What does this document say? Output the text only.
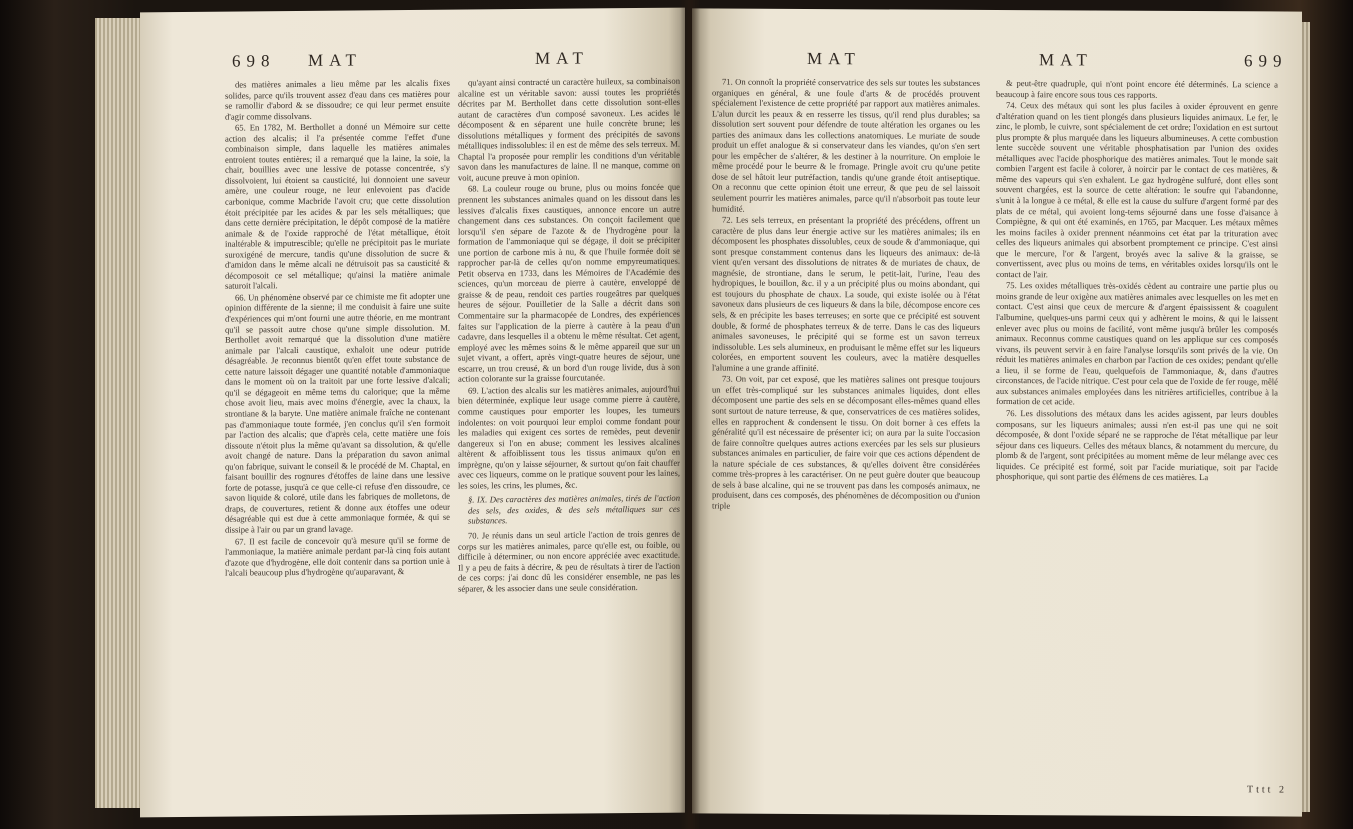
698 MAT	MAT

des matières animales a lieu même par les alcalis fixes solides, parce qu'ils trouvent assez d'eau dans ces matières pour se ramollir d'abord & se dissoudre; ce qui leur permet ensuite d'agir comme dissolvans.

65. En 1782, M. Berthollet a donné un Mémoire sur cette action des alcalis; il l'a présentée comme l'effet d'une combinaison simple, dans laquelle les matières animales entroient toutes entières; il a remarqué que la laine, la soie, la chair, bouillies avec une lessive de potasse concentrée, s'y dissolvoient, lui étoient sa causticité, lui donnoient une saveur amère, une couleur rouge, ne leur enlevoient pas d'acide carbonique, comme Macbride l'avoit cru; que cette dissolution étoit précipitée par les acides & par les sels métalliques; que dans cette dernière précipitation, le dépôt composé de la matière animale & de l'oxide rapproché de l'état métallique, étoit inaltérable & imputrescible; qu'elle ne précipitoit pas le muriate suroxigéné de mercure, tandis qu'une dissolution de sucre & d'amidon dans le même alcali ne détruisoit pas sa causticité & décomposoit ce sel métallique; qu'ainsi la matière animale saturoit l'alcali.

66. Un phénomène observé par ce chimiste me fit adopter une opinion différente de la sienne; il me conduisit à faire une suite d'expériences qui m'ont fourni une autre théorie, en me montrant qu'il se passoit autre chose qu'une simple dissolution. M. Berthollet avoit remarqué que la dissolution d'une matière animale par l'alcali caustique, exhaloit une odeur putride désagréable. Je reconnus bientôt qu'en effet toute substance de cette nature laissoit dégager une quantité notable d'ammoniaque dans le moment où on la traitoit par une forte lessive d'alcali; qu'il se dégageoit en même tems du calorique; que la même chose avoit lieu, mais avec moins d'énergie, avec la chaux, la strontiane & la baryte. Une matière animale fraîche ne contenant pas d'ammoniaque toute formée, j'en conclus qu'il s'en formoit par l'action des alcalis; que d'après cela, cette matière une fois dissoute n'étoit plus la même qu'avant sa dissolution, & qu'elle avoit changé de nature. Dans la préparation du savon animal qu'on fabrique, suivant le conseil & le procédé de M. Chaptal, en faisant bouillir des rognures d'étoffes de laine dans une lessive forte de potasse, jusqu'à ce que celle-ci refuse d'en dissoudre, ce savon liquide & coloré, utile dans les fabriques de molletons, de draps, de couvertures, retient & donne aux étoffes une odeur désagréable qui est due à cette ammoniaque formée, & qui se dissipe à l'air ou par un grand lavage.

67. Il est facile de concevoir qu'à mesure qu'il se forme de l'ammoniaque, la matière animale perdant par-là cinq fois autant d'azote que d'hydrogène, elle doit contenir dans sa portion unie à l'alcali beaucoup plus d'hydrogène qu'auparavant, &

qu'ayant ainsi contracté un caractère huileux, sa combinaison alcaline est un véritable savon: aussi toutes les propriétés décrites par M. Berthollet dans cette dissolution sont-elles autant de caractères d'un composé savoneux. Les acides le décomposent & en séparent une huile concrète brune; les dissolutions métalliques y forment des précipités de savons métalliques indissolubles: il en est de même des sels terreux. M. Chaptal l'a proposée pour remplir les conditions d'un véritable savon dans les manufactures de laine. Il ne manque, comme on voit, aucune preuve à mon opinion.

68. La couleur rouge ou brune, plus ou moins foncée que prennent les substances animales quand on les dissout dans les lessives d'alcalis fixes caustiques, annonce encore un autre changement dans ces substances. On conçoit facilement que lorsqu'il s'en sépare de l'azote & de l'hydrogène pour la formation de l'ammoniaque qui se dégage, il doit se précipiter une portion de carbone mis à nu, & que l'huile formée doit se rapprocher par-là de celles qu'on nomme empyreumatiques. Petit observa en 1733, dans les Mémoires de l'Académie des sciences, qu'un morceau de pierre à cautère, enveloppé de graisse & de peau, rendoit ces parties rougeâtres par quelques heures de séjour. Pouilletier de la Salle a décrit dans son Commentaire sur la pharmacopée de Londres, des expériences faites sur l'application de la pierre à cautère à la peau d'un cadavre, dans lesquelles il a obtenu le même résultat. Cet agent, employé avec les mêmes soins & le même appareil que sur un sujet vivant, a offert, après vingt-quatre heures de séjour, une escarre, un trou creusé, & un bord d'un rouge livide, dus à son action colorante sur la graisse fourcutanée.

69. L'action des alcalis sur les matières animales, aujourd'hui bien déterminée, explique leur usage comme pierre à cautère, comme caustiques pour emporter les loupes, les tumeurs indolentes: on voit pourquoi leur emploi comme fondant pour les maladies qui exigent ces sortes de remèdes, peut devenir dangereux si l'on en abuse; comment les lessives alcalines altèrent & affoiblissent tous les tissus animaux qu'on en imprègne, qu'on y laisse séjourner, & surtout qu'on fait chauffer avec ces liqueurs, comme on le pratique souvent pour les laines, les soies, les crins, les plumes, &c.

§. IX. Des caractères des matières animales, tirés de l'action des sels, des oxides, & des sels métalliques sur ces substances.

70. Je réunis dans un seul article l'action de trois genres de corps sur les matières animales, parce qu'elle est, ou foible, ou difficile à déterminer, ou non encore appréciée avec exactitude. Il y a peu de faits à décrire, & peu de résultats à tirer de l'action de ces corps: j'ai donc dû les considérer ensemble, ne pas les séparer, & les associer dans une seule considération.

MAT	MAT	699

71. On connoît la propriété conservatrice des sels sur toutes les substances organiques en général, & une foule d'arts & de procédés prouvent spécialement l'existence de cette propriété par rapport aux matières animales. L'alun durcit les peaux & en resserre les tissus, qu'il rend plus durables; sa dissolution sert souvent pour défendre de toute altération les organes ou les parties des animaux dans les collections anatomiques. Le muriate de soude produit un effet analogue & si conservateur dans les viandes, qu'on s'en sert pour les empêcher de s'altérer, & les destiner à la nourriture. On emploie le même procédé pour le beurre & le fromage. Pringle avoit cru qu'une petite dose de sel hâtoit leur putréfaction, tandis qu'une grande étoit antiseptique. On a reconnu que cette opinion étoit une erreur, & que peu de sel laissoit seulement pourrir les matières animales, parce qu'il n'absorboit pas toute leur humidité.

72. Les sels terreux, en présentant la propriété des précédens, offrent un caractère de plus dans leur énergie active sur les matières animales; ils en décomposent les phosphates dissolubles, ceux de soude & d'ammoniaque, qui sont presque constamment contenus dans les liqueurs des animaux: de-là vient qu'en versant des dissolutions de nitrates & de muriates de chaux, de magnésie, de strontiane, dans le serum, le petit-lait, l'urine, l'eau des hydropiques, le bouillon, &c. il y a un précipité plus ou moins abondant, qui est toujours du phosphate de chaux. La soude, qui existe isolée ou à l'état savoneux dans plusieurs de ces liqueurs & dans la bile, décompose encore ces sels, & en précipite les bases terreuses; en sorte que ce précipité est souvent double, & formé de phosphates terreux & de terre. Dans le cas des liqueurs animales savoneuses, le précipité qui se forme est un savon terreux indissoluble. Les sels alumineux, en produisant le même effet sur les liqueurs colorées, en emportent souvent les couleurs, avec la matière desquelles l'alumine a une grande affinité.

73. On voit, par cet exposé, que les matières salines ont presque toujours un effet très-compliqué sur les substances animales liquides, dont elles décomposent une partie des sels en se décomposant elles-mêmes quand elles sont surtout de nature terreuse, & que, conservatrices de ces matières solides, elles en rapprochent & condensent le tissu. On doit borner à ces effets la généralité qu'il est nécessaire de présenter ici; on aura par la suite l'occasion de faire connoître quelques autres actions exercées par les sels sur plusieurs substances animales en particulier, de faire voir que ces actions dépendent de la nature spéciale de ces substances, & qu'elles doivent être considérées comme très-propres à les caractériser. On ne peut guère douter que beaucoup de sels à base alcaline, qui ne se trouvent pas dans les composés animaux, ne produisent, dans ces composés, des phénomènes de décomposition ou d'union triple

& peut-être quadruple, qui n'ont point encore été déterminés. La science a beaucoup à faire encore sous tous ces rapports.

74. Ceux des métaux qui sont les plus faciles à oxider éprouvent en genre d'altération quand on les tient plongés dans plusieurs liquides animaux. Le fer, le zinc, le plomb, le cuivre, sont spécialement de cet ordre; l'oxidation en est surtout plus prompte & plus marquée dans les liqueurs albumineuses. A cette combustion lente succède souvent une véritable phosphatisation par l'union des oxides métalliques avec l'acide phosphorique des matières animales. Tout le monde sait combien l'argent est facile à colorer, à noircir par le contact de ces matières, & même des vapeurs qui s'en exhalent. Le gaz hydrogène sulfuré, dont elles sont souvent chargées, est la source de cette altération: le soufre qui l'abandonne, s'unit à la longue à ce métal, & elle est la cause du sulfure d'argent formé par des plats de ce métal, qui avoient long-tems séjourné dans une fosse d'aisance à Compiègne, & qui ont été examinés, en 1765, par Macquer. Les métaux mêmes les moins faciles à oxider prennent néanmoins cet état par la trituration avec celles des liqueurs animales qui absorbent promptement ce principe. C'est ainsi que le mercure, l'or & l'argent, broyés avec la salive & la graisse, se convertissent, avec plus ou moins de tems, en véritables oxides lorsqu'ils ont le contact de l'air.

75. Les oxides métalliques très-oxidés cèdent au contraire une partie plus ou moins grande de leur oxigène aux matières animales avec lesquelles on les met en contact. C'est ainsi que ceux de mercure & d'argent épaississent & coagulent l'albumine, quelques-uns parmi ceux qui y adhèrent le moins, & qui le laissent enlever avec plus ou moins de facilité, vont même jusqu'à brûler les composés animaux. Reconnus comme caustiques quand on les applique sur ces composés vivans, ils peuvent servir à en faire l'analyse lorsqu'ils sont privés de la vie. On réduit les matières animales en charbon par l'action de ces oxides; pendant qu'elle a lieu, il se forme de l'eau, quelquefois de l'ammoniaque, &, dans d'autres circonstances, de l'acide nitrique. C'est pour cela que de l'oxide de fer rouge, mêlé aux substances animales employées dans les nitrières artificielles, contribue à la formation de cet acide.

76. Les dissolutions des métaux dans les acides agissent, par leurs doubles composans, sur les liqueurs animales; aussi n'en est-il pas une qui ne soit décomposée, & dont l'oxide séparé ne se rapproche de l'état métallique par leur séjour dans ces liqueurs. Celles des métaux blancs, & notamment du mercure, du plomb & de l'argent, sont précipitées au moment même de leur mélange avec ces liquides. Ce précipité est formé, soit par l'acide muriatique, soit par l'acide phosphorique, qui sont partie des élémens de ces matières. La

Tttt 2
